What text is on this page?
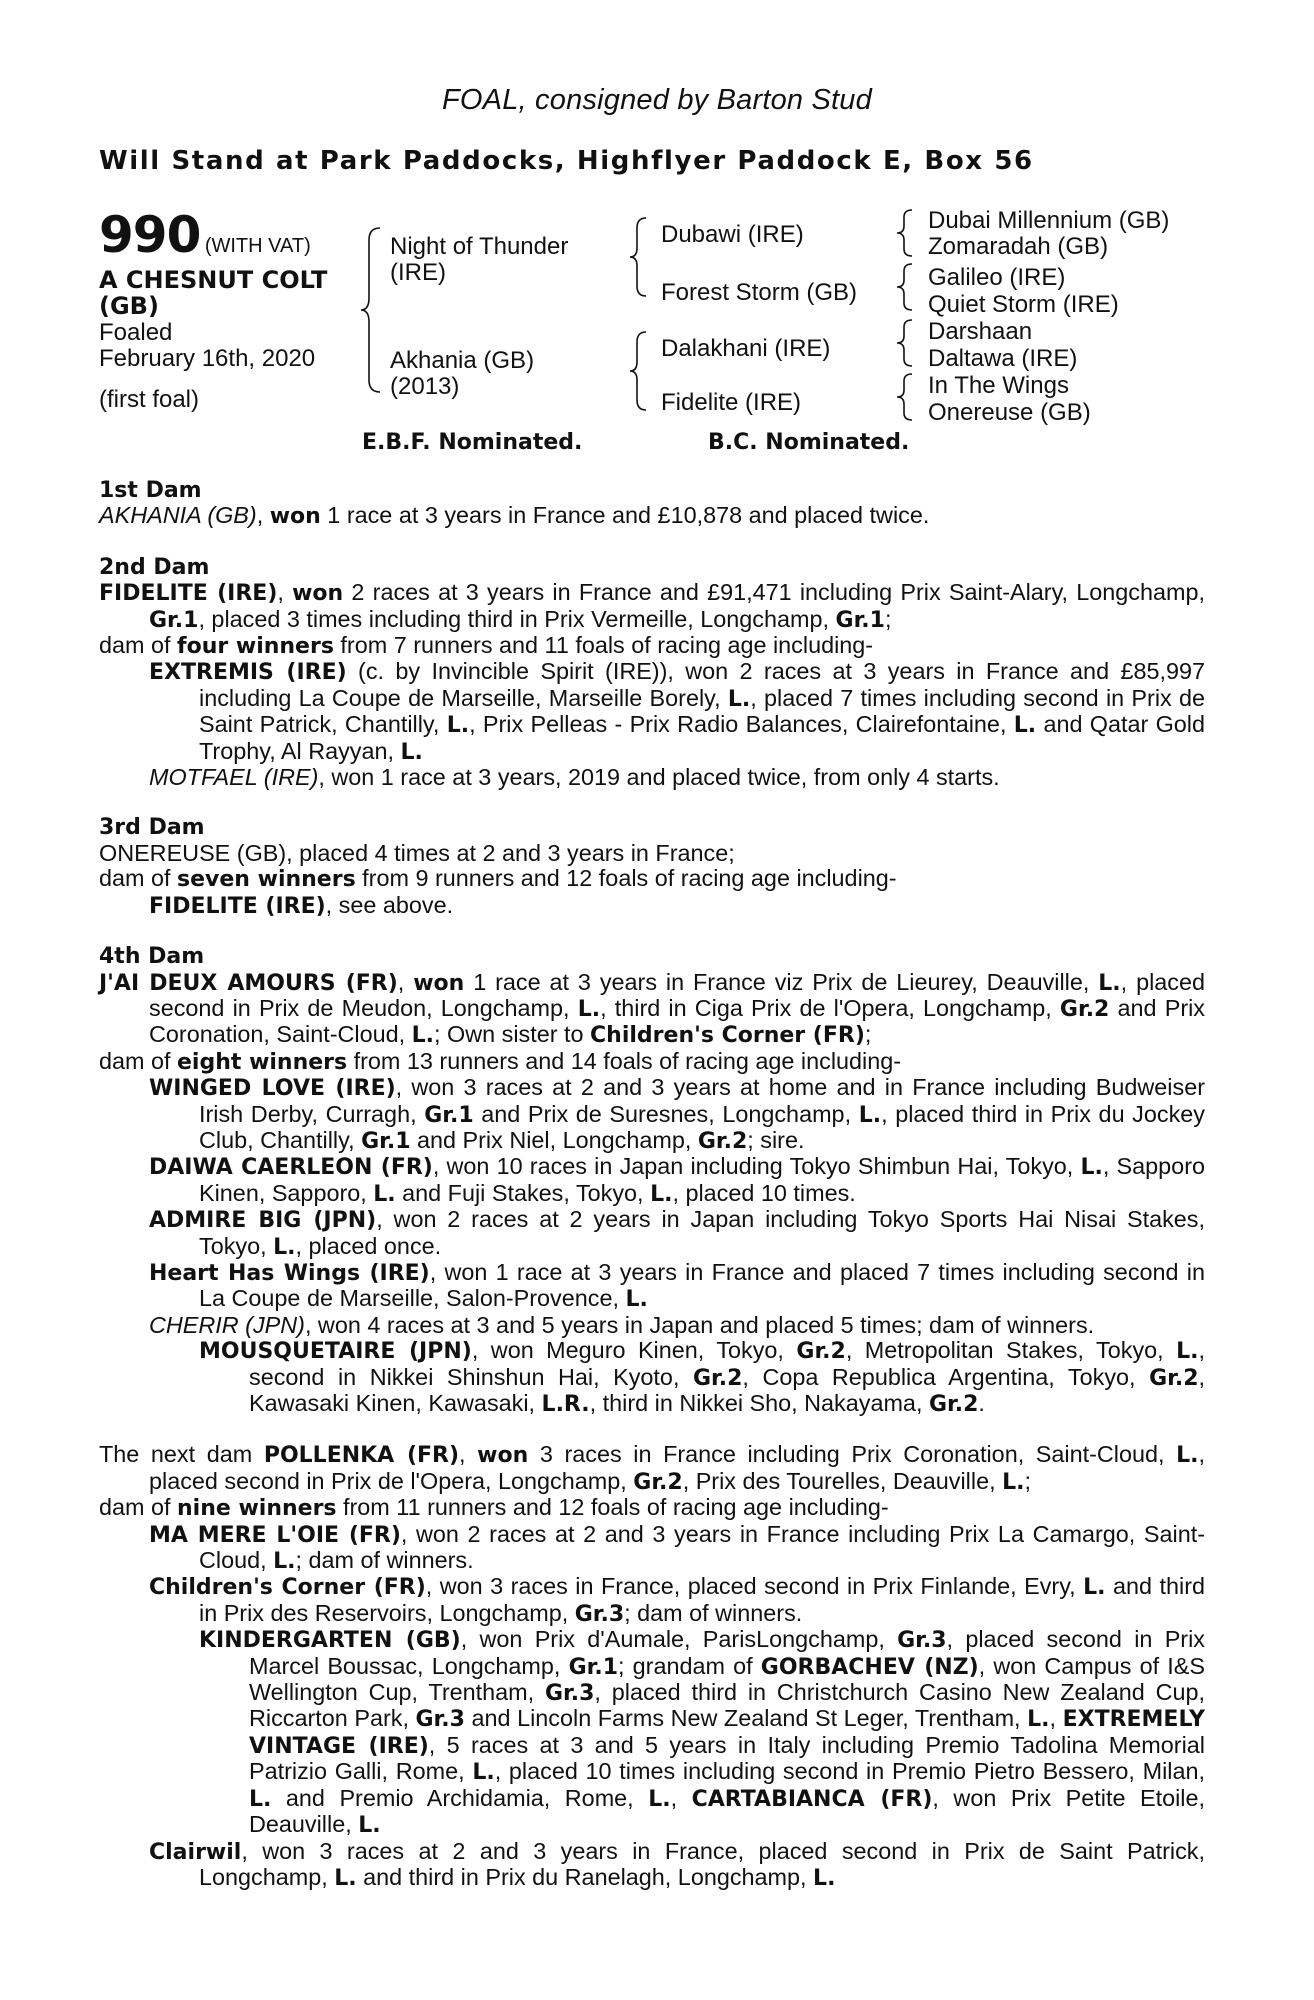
FOAL, consigned by Barton Stud
Will Stand at Park Paddocks, Highflyer Paddock E, Box 56
990 (WITH VAT)
A CHESNUT COLT
(GB)
Foaled
February 16th, 2020
(first foal)
Night of Thunder
(IRE)
Akhania (GB)
(2013)
Dubawi (IRE)
Forest Storm (GB)
Dalakhani (IRE)
Fidelite (IRE)
Dubai Millennium (GB)
Zomaradah (GB)
Galileo (IRE)
Quiet Storm (IRE)
Darshaan
Daltawa (IRE)
In The Wings
Onereuse (GB)
E.B.F. Nominated.	B.C. Nominated.
1st Dam

AKHANIA (GB), won 1 race at 3 years in France and £10,878 and placed twice.

2nd Dam

FIDELITE (IRE), won 2 races at 3 years in France and £91,471 including Prix Saint-Alary, Longchamp, Gr.1, placed 3 times including third in Prix Vermeille, Longchamp, Gr.1;

dam of four winners from 7 runners and 11 foals of racing age including-

EXTREMIS (IRE) (c. by Invincible Spirit (IRE)), won 2 races at 3 years in France and £85,997 including La Coupe de Marseille, Marseille Borely, L., placed 7 times including second in Prix de Saint Patrick, Chantilly, L., Prix Pelleas - Prix Radio Balances, Clairefontaine, L. and Qatar Gold Trophy, Al Rayyan, L.

MOTFAEL (IRE), won 1 race at 3 years, 2019 and placed twice, from only 4 starts.

3rd Dam

ONEREUSE (GB), placed 4 times at 2 and 3 years in France;

dam of seven winners from 9 runners and 12 foals of racing age including-

FIDELITE (IRE), see above.

4th Dam

J'AI DEUX AMOURS (FR), won 1 race at 3 years in France viz Prix de Lieurey, Deauville, L., placed second in Prix de Meudon, Longchamp, L., third in Ciga Prix de l'Opera, Longchamp, Gr.2 and Prix Coronation, Saint-Cloud, L.; Own sister to Children's Corner (FR);

dam of eight winners from 13 runners and 14 foals of racing age including-

WINGED LOVE (IRE), won 3 races at 2 and 3 years at home and in France including Budweiser Irish Derby, Curragh, Gr.1 and Prix de Suresnes, Longchamp, L., placed third in Prix du Jockey Club, Chantilly, Gr.1 and Prix Niel, Longchamp, Gr.2; sire.

DAIWA CAERLEON (FR), won 10 races in Japan including Tokyo Shimbun Hai, Tokyo, L., Sapporo Kinen, Sapporo, L. and Fuji Stakes, Tokyo, L., placed 10 times.

ADMIRE BIG (JPN), won 2 races at 2 years in Japan including Tokyo Sports Hai Nisai Stakes, Tokyo, L., placed once.

Heart Has Wings (IRE), won 1 race at 3 years in France and placed 7 times including second in La Coupe de Marseille, Salon-Provence, L.

CHERIR (JPN), won 4 races at 3 and 5 years in Japan and placed 5 times; dam of winners.

MOUSQUETAIRE (JPN), won Meguro Kinen, Tokyo, Gr.2, Metropolitan Stakes, Tokyo, L., second in Nikkei Shinshun Hai, Kyoto, Gr.2, Copa Republica Argentina, Tokyo, Gr.2, Kawasaki Kinen, Kawasaki, L.R., third in Nikkei Sho, Nakayama, Gr.2.

The next dam POLLENKA (FR), won 3 races in France including Prix Coronation, Saint-Cloud, L., placed second in Prix de l'Opera, Longchamp, Gr.2, Prix des Tourelles, Deauville, L.;

dam of nine winners from 11 runners and 12 foals of racing age including-

MA MERE L'OIE (FR), won 2 races at 2 and 3 years in France including Prix La Camargo, Saint-Cloud, L.; dam of winners.

Children's Corner (FR), won 3 races in France, placed second in Prix Finlande, Evry, L. and third in Prix des Reservoirs, Longchamp, Gr.3; dam of winners.

KINDERGARTEN (GB), won Prix d'Aumale, ParisLongchamp, Gr.3, placed second in Prix Marcel Boussac, Longchamp, Gr.1; grandam of GORBACHEV (NZ), won Campus of I&S Wellington Cup, Trentham, Gr.3, placed third in Christchurch Casino New Zealand Cup, Riccarton Park, Gr.3 and Lincoln Farms New Zealand St Leger, Trentham, L., EXTREMELY VINTAGE (IRE), 5 races at 3 and 5 years in Italy including Premio Tadolina Memorial Patrizio Galli, Rome, L., placed 10 times including second in Premio Pietro Bessero, Milan, L. and Premio Archidamia, Rome, L., CARTABIANCA (FR), won Prix Petite Etoile, Deauville, L.

Clairwil, won 3 races at 2 and 3 years in France, placed second in Prix de Saint Patrick, Longchamp, L. and third in Prix du Ranelagh, Longchamp, L.
